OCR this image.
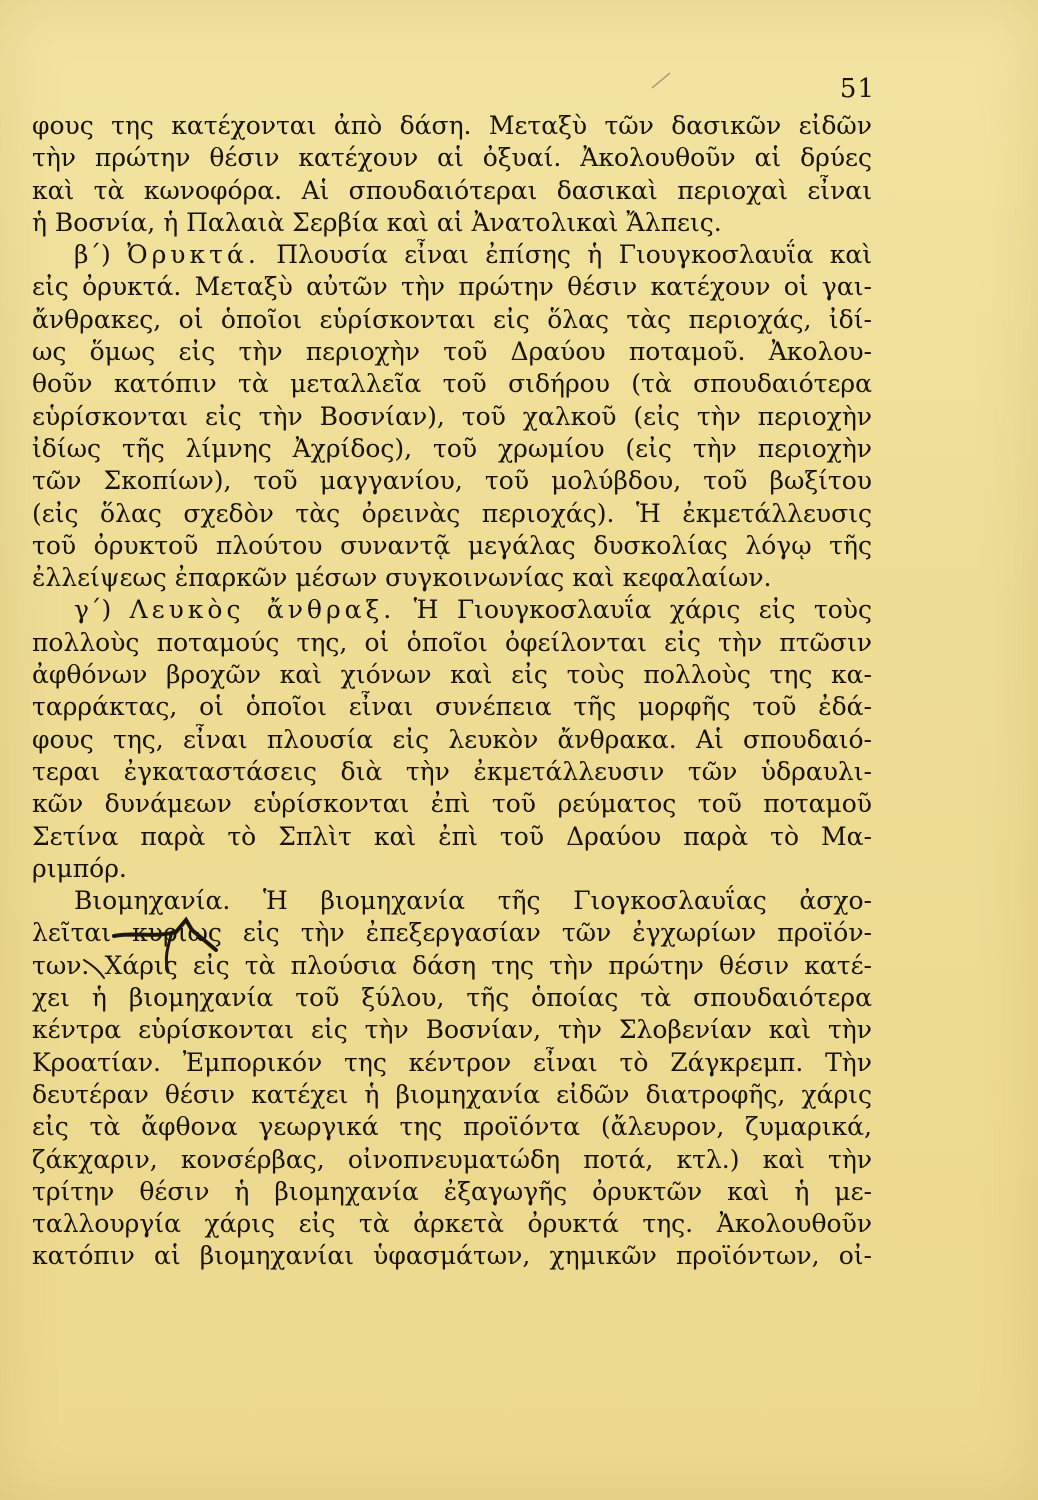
51
φους της κατέχονται ἀπὸ δάση. Μεταξὺ τῶν δασικῶν εἰδῶν
τὴν πρώτην θέσιν κατέχουν αἱ ὀξυαί. Ἀκολουθοῦν αἱ δρύες
καὶ τὰ κωνοφόρα. Αἱ σπουδαιότεραι δασικαὶ περιοχαὶ εἶναι
ἡ Βοσνία, ἡ Παλαιὰ Σερβία καὶ αἱ Ἀνατολικαὶ Ἄλπεις.
β΄) Ὀρυκτά. Πλουσία εἶναι ἐπίσης ἡ Γιουγκοσλαυΐα καὶ
εἰς ὀρυκτά. Μεταξὺ αὐτῶν τὴν πρώτην θέσιν κατέχουν οἱ γαι-
ἄνθρακες, οἱ ὁποῖοι εὑρίσκονται εἰς ὅλας τὰς περιοχάς, ἰδί-
ως ὅμως εἰς τὴν περιοχὴν τοῦ Δραύου ποταμοῦ. Ἀκολου-
θοῦν κατόπιν τὰ μεταλλεῖα τοῦ σιδήρου (τὰ σπουδαιότερα
εὑρίσκονται εἰς τὴν Βοσνίαν), τοῦ χαλκοῦ (εἰς τὴν περιοχὴν
ἰδίως τῆς λίμνης Ἀχρίδος), τοῦ χρωμίου (εἰς τὴν περιοχὴν
τῶν Σκοπίων), τοῦ μαγγανίου, τοῦ μολύβδου, τοῦ βωξίτου
(εἰς ὅλας σχεδὸν τὰς ὀρεινὰς περιοχάς). Ἡ ἐκμετάλλευσις
τοῦ ὀρυκτοῦ πλούτου συναντᾷ μεγάλας δυσκολίας λόγῳ τῆς
ἐλλείψεως ἐπαρκῶν μέσων συγκοινωνίας καὶ κεφαλαίων.
γ΄) Λευκὸς ἄνθραξ. Ἡ Γιουγκοσλαυΐα χάρις εἰς τοὺς
πολλοὺς ποταμούς της, οἱ ὁποῖοι ὀφείλονται εἰς τὴν πτῶσιν
ἀφθόνων βροχῶν καὶ χιόνων καὶ εἰς τοὺς πολλοὺς της κα-
ταρράκτας, οἱ ὁποῖοι εἶναι συνέπεια τῆς μορφῆς τοῦ ἐδά-
φους της, εἶναι πλουσία εἰς λευκὸν ἄνθρακα. Αἱ σπουδαιό-
τεραι ἐγκαταστάσεις διὰ τὴν ἐκμετάλλευσιν τῶν ὑδραυλι-
κῶν δυνάμεων εὑρίσκονται ἐπὶ τοῦ ρεύματος τοῦ ποταμοῦ
Σετίνα παρὰ τὸ Σπλὶτ καὶ ἐπὶ τοῦ Δραύου παρὰ τὸ Μα-
ριμπόρ.
Βιομηχανία. Ἡ βιομηχανία τῆς Γιογκοσλαυΐας ἀσχο-
λεῖται κυρίως εἰς τὴν ἐπεξεργασίαν τῶν ἐγχωρίων προϊόν-
των. Χάρις εἰς τὰ πλούσια δάση της τὴν πρώτην θέσιν κατέ-
χει ἡ βιομηχανία τοῦ ξύλου, τῆς ὁποίας τὰ σπουδαιότερα
κέντρα εὑρίσκονται εἰς τὴν Βοσνίαν, τὴν Σλοβενίαν καὶ τὴν
Κροατίαν. Ἐμπορικόν της κέντρον εἶναι τὸ Ζάγκρεμπ. Τὴν
δευτέραν θέσιν κατέχει ἡ βιομηχανία εἰδῶν διατροφῆς, χάρις
εἰς τὰ ἄφθονα γεωργικά της προϊόντα (ἄλευρον, ζυμαρικά,
ζάκχαριν, κονσέρβας, οἰνοπνευματώδη ποτά, κτλ.) καὶ τὴν
τρίτην θέσιν ἡ βιομηχανία ἐξαγωγῆς ὀρυκτῶν καὶ ἡ με-
ταλλουργία χάρις εἰς τὰ ἀρκετὰ ὀρυκτά της. Ἀκολουθοῦν
κατόπιν αἱ βιομηχανίαι ὑφασμάτων, χημικῶν προϊόντων, οἰ-
